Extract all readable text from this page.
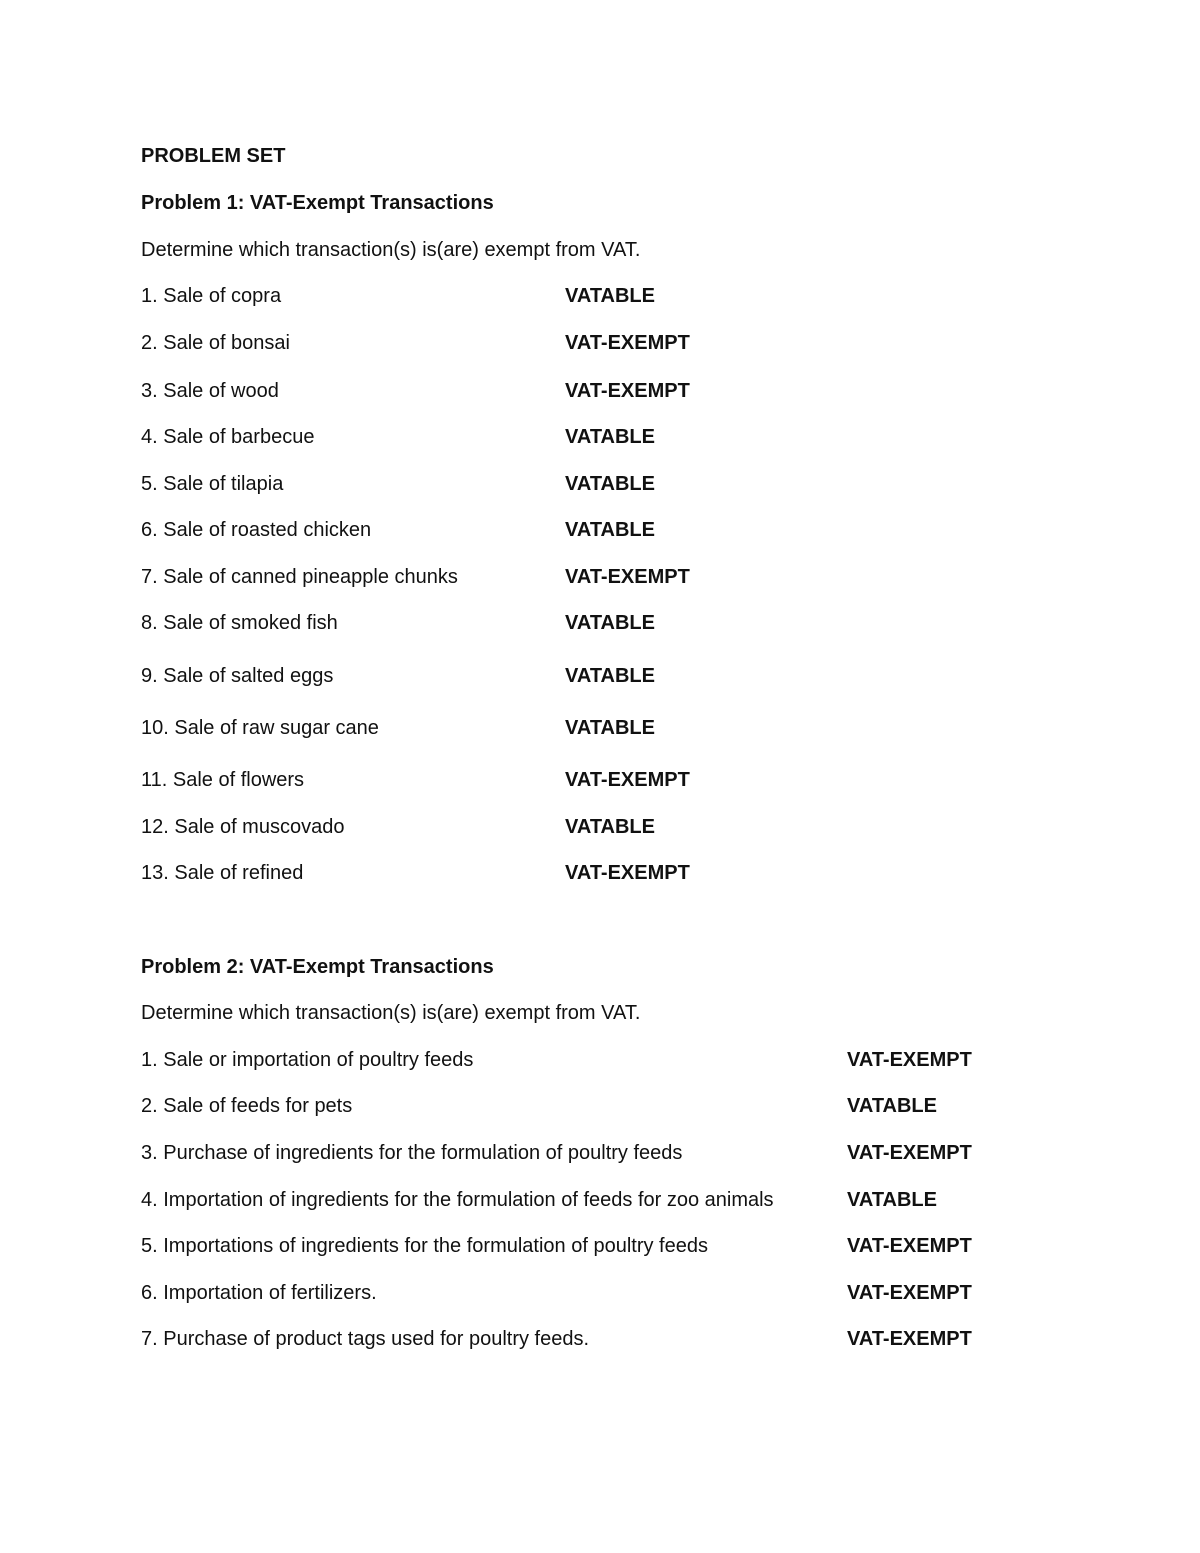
PROBLEM SET
Problem 1: VAT-Exempt Transactions
Determine which transaction(s) is(are) exempt from VAT.
1. Sale of copra	VATABLE
2. Sale of bonsai	VAT-EXEMPT
3. Sale of wood	VAT-EXEMPT
4. Sale of barbecue	VATABLE
5. Sale of tilapia	VATABLE
6. Sale of roasted chicken	VATABLE
7. Sale of canned pineapple chunks	VAT-EXEMPT
8. Sale of smoked fish	VATABLE
9. Sale of salted eggs	VATABLE
10. Sale of raw sugar cane	VATABLE
11. Sale of flowers	VAT-EXEMPT
12. Sale of muscovado	VATABLE
13. Sale of refined	VAT-EXEMPT
Problem 2: VAT-Exempt Transactions
Determine which transaction(s) is(are) exempt from VAT.
1. Sale or importation of poultry feeds	VAT-EXEMPT
2. Sale of feeds for pets	VATABLE
3. Purchase of ingredients for the formulation of poultry feeds	VAT-EXEMPT
4. Importation of ingredients for the formulation of feeds for zoo animals	VATABLE
5. Importations of ingredients for the formulation of poultry feeds	VAT-EXEMPT
6. Importation of fertilizers.	VAT-EXEMPT
7. Purchase of product tags used for poultry feeds.	VAT-EXEMPT
